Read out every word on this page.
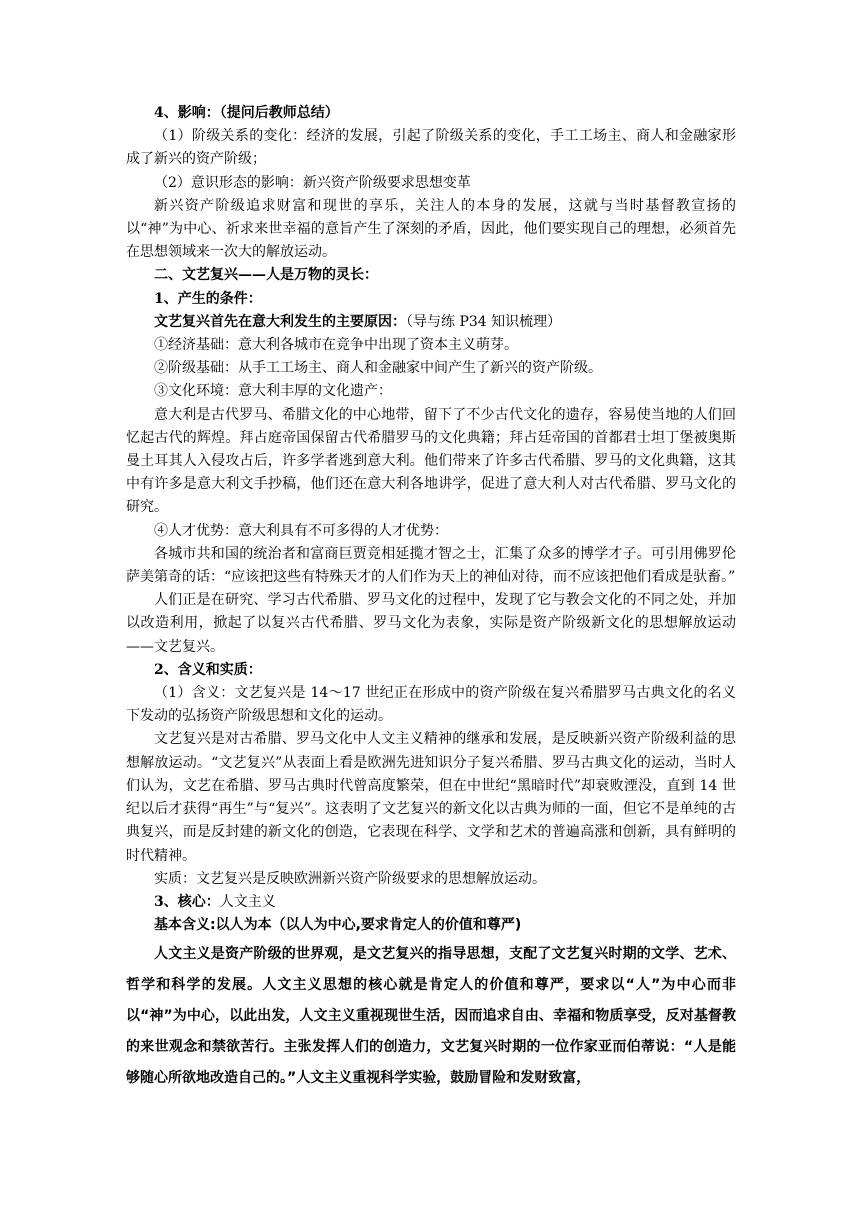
4、影响：（提问后教师总结）

（1）阶级关系的变化：经济的发展，引起了阶级关系的变化，手工工场主、商人和金融家形成了新兴的资产阶级；

（2）意识形态的影响：新兴资产阶级要求思想变革

新兴资产阶级追求财富和现世的享乐，关注人的本身的发展，这就与当时基督教宣扬的以“神”为中心、祈求来世幸福的意旨产生了深刻的矛盾，因此，他们要实现自己的理想，必须首先在思想领域来一次大的解放运动。

二、文艺复兴——人是万物的灵长：

1、产生的条件：

文艺复兴首先在意大利发生的主要原因：（导与练 P34 知识梳理）

①经济基础：意大利各城市在竞争中出现了资本主义萌芽。

②阶级基础：从手工工场主、商人和金融家中间产生了新兴的资产阶级。

③文化环境：意大利丰厚的文化遗产：

意大利是古代罗马、希腊文化的中心地带，留下了不少古代文化的遗存，容易使当地的人们回忆起古代的辉煌。拜占庭帝国保留古代希腊罗马的文化典籍；拜占廷帝国的首都君士坦丁堡被奥斯曼土耳其人入侵攻占后，许多学者逃到意大利。他们带来了许多古代希腊、罗马的文化典籍，这其中有许多是意大利文手抄稿，他们还在意大利各地讲学，促进了意大利人对古代希腊、罗马文化的研究。

④人才优势：意大利具有不可多得的人才优势：

各城市共和国的统治者和富商巨贾竞相延揽才智之士，汇集了众多的博学才子。可引用佛罗伦萨美第奇的话：“应该把这些有特殊天才的人们作为天上的神仙对待，而不应该把他们看成是驮畜。”

人们正是在研究、学习古代希腊、罗马文化的过程中，发现了它与教会文化的不同之处，并加以改造利用，掀起了以复兴古代希腊、罗马文化为表象，实际是资产阶级新文化的思想解放运动——文艺复兴。

2、含义和实质：

（1）含义：文艺复兴是 14～17 世纪正在形成中的资产阶级在复兴希腊罗马古典文化的名义下发动的弘扬资产阶级思想和文化的运动。

文艺复兴是对古希腊、罗马文化中人文主义精神的继承和发展，是反映新兴资产阶级利益的思想解放运动。“文艺复兴”从表面上看是欧洲先进知识分子复兴希腊、罗马古典文化的运动，当时人们认为，文艺在希腊、罗马古典时代曾高度繁荣，但在中世纪“黑暗时代”却衰败湮没，直到 14 世纪以后才获得“再生”与“复兴”。这表明了文艺复兴的新文化以古典为师的一面，但它不是单纯的古典复兴，而是反封建的新文化的创造，它表现在科学、文学和艺术的普遍高涨和创新，具有鲜明的时代精神。

实质：文艺复兴是反映欧洲新兴资产阶级要求的思想解放运动。

3、核心：人文主义

基本含义:以人为本（以人为中心,要求肯定人的价值和尊严)

人文主义是资产阶级的世界观，是文艺复兴的指导思想，支配了文艺复兴时期的文学、艺术、哲学和科学的发展。人文主义思想的核心就是肯定人的价值和尊严，要求以“人”为中心而非以“神”为中心，以此出发，人文主义重视现世生活，因而追求自由、幸福和物质享受，反对基督教的来世观念和禁欲苦行。主张发挥人们的创造力，文艺复兴时期的一位作家亚而伯蒂说：“人是能够随心所欲地改造自己的。”人文主义重视科学实验，鼓励冒险和发财致富，
